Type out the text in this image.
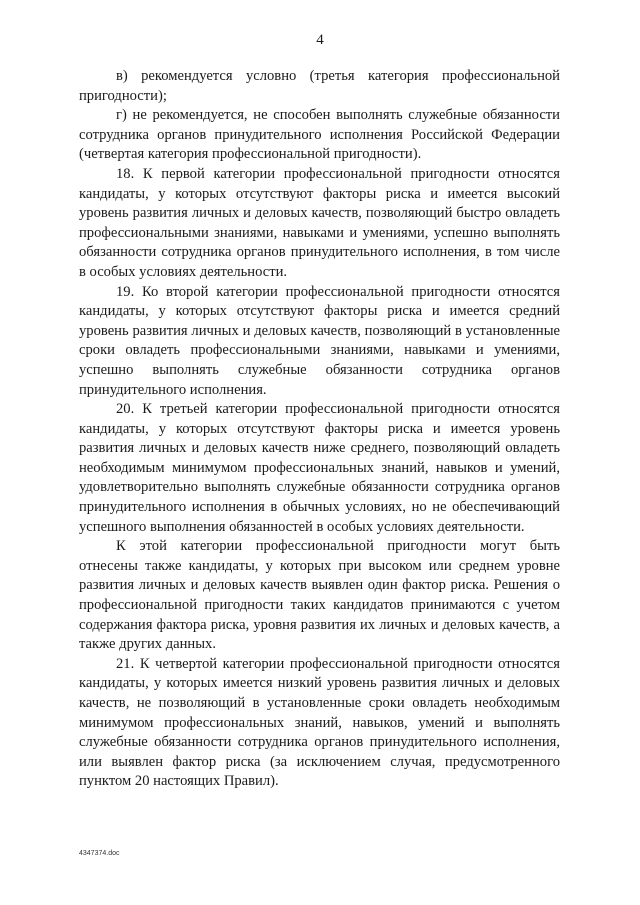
4

в) рекомендуется условно (третья категория профессиональной пригодности);

г) не рекомендуется, не способен выполнять служебные обязанности сотрудника органов принудительного исполнения Российской Федерации (четвертая категория профессиональной пригодности).

18. К первой категории профессиональной пригодности относятся кандидаты, у которых отсутствуют факторы риска и имеется высокий уровень развития личных и деловых качеств, позволяющий быстро овладеть профессиональными знаниями, навыками и умениями, успешно выполнять обязанности сотрудника органов принудительного исполнения, в том числе в особых условиях деятельности.

19. Ко второй категории профессиональной пригодности относятся кандидаты, у которых отсутствуют факторы риска и имеется средний уровень развития личных и деловых качеств, позволяющий в установленные сроки овладеть профессиональными знаниями, навыками и умениями, успешно выполнять служебные обязанности сотрудника органов принудительного исполнения.

20. К третьей категории профессиональной пригодности относятся кандидаты, у которых отсутствуют факторы риска и имеется уровень развития личных и деловых качеств ниже среднего, позволяющий овладеть необходимым минимумом профессиональных знаний, навыков и умений, удовлетворительно выполнять служебные обязанности сотрудника органов принудительного исполнения в обычных условиях, но не обеспечивающий успешного выполнения обязанностей в особых условиях деятельности.

К этой категории профессиональной пригодности могут быть отнесены также кандидаты, у которых при высоком или среднем уровне развития личных и деловых качеств выявлен один фактор риска. Решения о профессиональной пригодности таких кандидатов принимаются с учетом содержания фактора риска, уровня развития их личных и деловых качеств, а также других данных.

21. К четвертой категории профессиональной пригодности относятся кандидаты, у которых имеется низкий уровень развития личных и деловых качеств, не позволяющий в установленные сроки овладеть необходимым минимумом профессиональных знаний, навыков, умений и выполнять служебные обязанности сотрудника органов принудительного исполнения, или выявлен фактор риска (за исключением случая, предусмотренного пунктом 20 настоящих Правил).

4347374.doc
